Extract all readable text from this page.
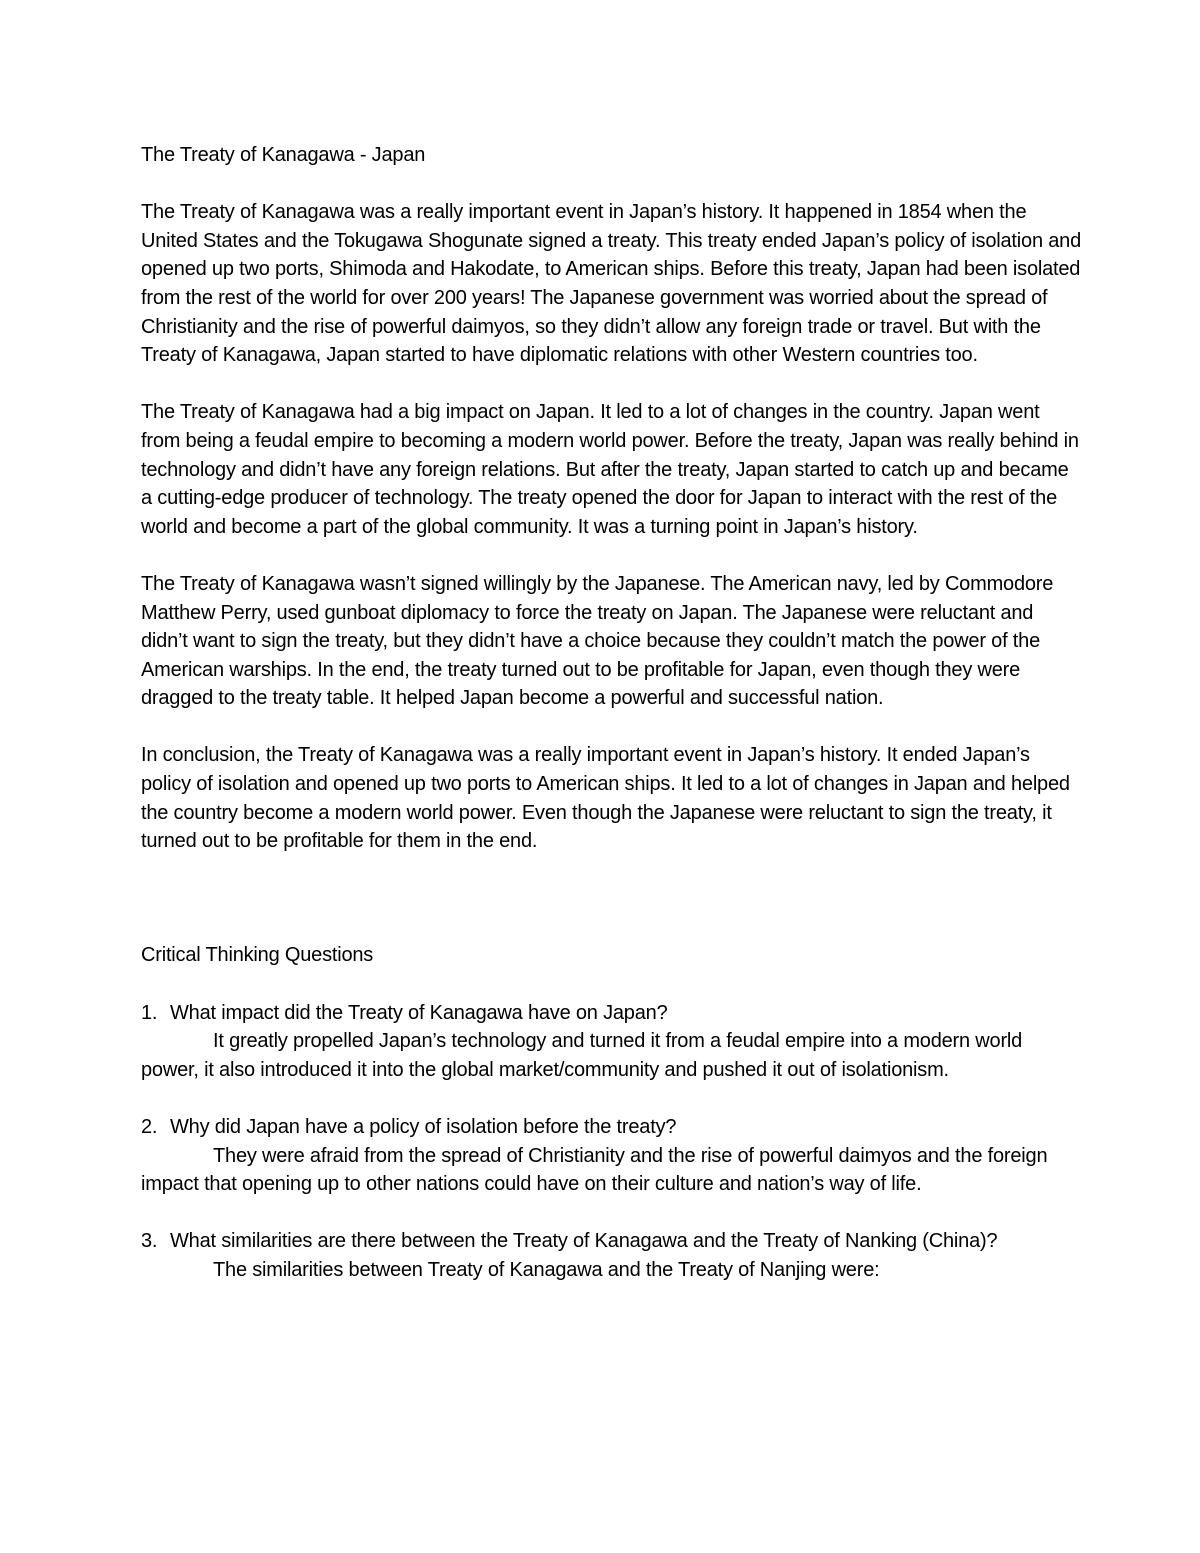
The Treaty of Kanagawa - Japan

The Treaty of Kanagawa was a really important event in Japan’s history. It happened in 1854 when the United States and the Tokugawa Shogunate signed a treaty. This treaty ended Japan’s policy of isolation and opened up two ports, Shimoda and Hakodate, to American ships. Before this treaty, Japan had been isolated from the rest of the world for over 200 years! The Japanese government was worried about the spread of Christianity and the rise of powerful daimyos, so they didn’t allow any foreign trade or travel. But with the Treaty of Kanagawa, Japan started to have diplomatic relations with other Western countries too.

The Treaty of Kanagawa had a big impact on Japan. It led to a lot of changes in the country. Japan went from being a feudal empire to becoming a modern world power. Before the treaty, Japan was really behind in technology and didn’t have any foreign relations. But after the treaty, Japan started to catch up and became a cutting-edge producer of technology. The treaty opened the door for Japan to interact with the rest of the world and become a part of the global community. It was a turning point in Japan’s history.

The Treaty of Kanagawa wasn’t signed willingly by the Japanese. The American navy, led by Commodore Matthew Perry, used gunboat diplomacy to force the treaty on Japan. The Japanese were reluctant and didn’t want to sign the treaty, but they didn’t have a choice because they couldn’t match the power of the American warships. In the end, the treaty turned out to be profitable for Japan, even though they were dragged to the treaty table. It helped Japan become a powerful and successful nation.

In conclusion, the Treaty of Kanagawa was a really important event in Japan’s history. It ended Japan’s policy of isolation and opened up two ports to American ships. It led to a lot of changes in Japan and helped the country become a modern world power. Even though the Japanese were reluctant to sign the treaty, it turned out to be profitable for them in the end.

Critical Thinking Questions

1. What impact did the Treaty of Kanagawa have on Japan?

It greatly propelled Japan’s technology and turned it from a feudal empire into a modern world power, it also introduced it into the global market/community and pushed it out of isolationism.

2. Why did Japan have a policy of isolation before the treaty?

They were afraid from the spread of Christianity and the rise of powerful daimyos and the foreign impact that opening up to other nations could have on their culture and nation’s way of life.

3. What similarities are there between the Treaty of Kanagawa and the Treaty of Nanking (China)?

The similarities between Treaty of Kanagawa and the Treaty of Nanjing were:
